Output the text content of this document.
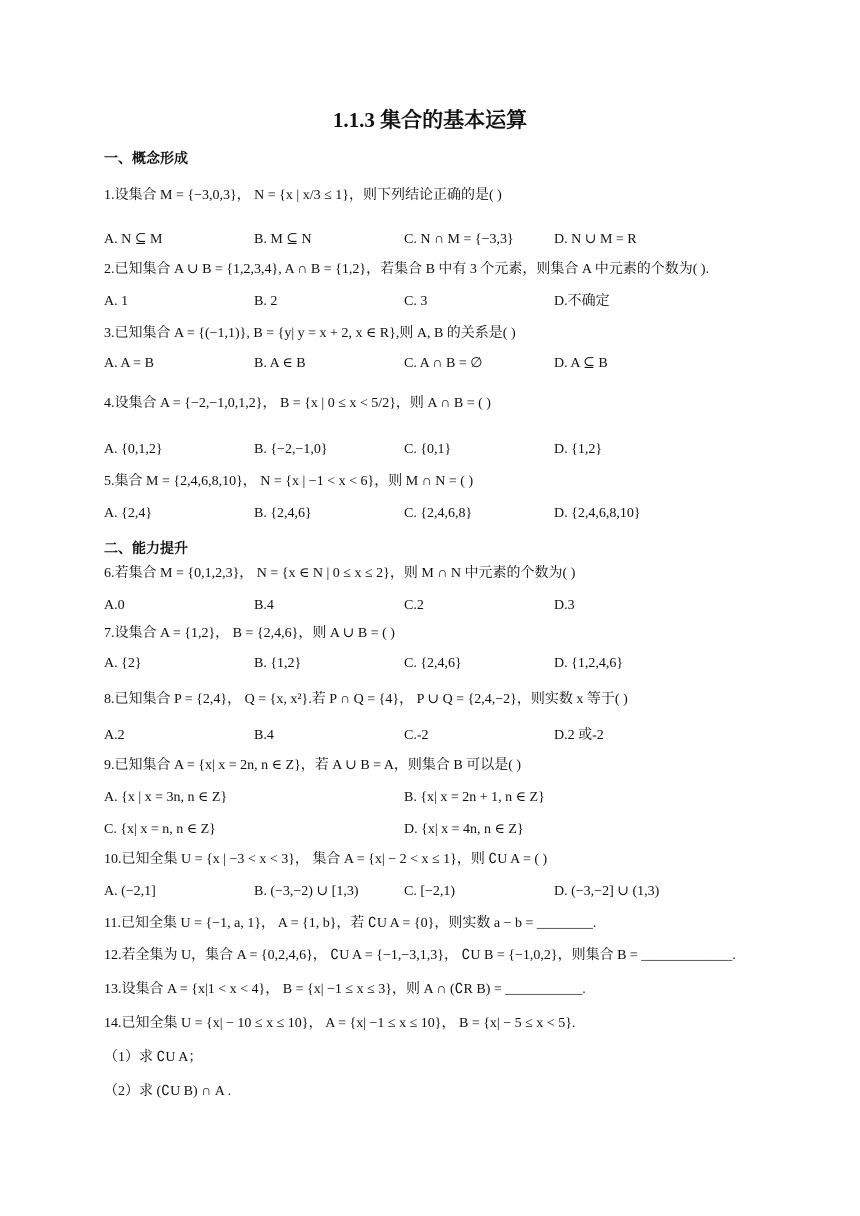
1.1.3 集合的基本运算
一、概念形成
1.设集合 M = {−3,0,3}， N = {x | x/3 ≤ 1}，则下列结论正确的是( )
A. N ⊆ M	B. M ⊆ N	C. N ∩ M = {−3,3}	D. N ∪ M = R
2.已知集合 A ∪ B = {1,2,3,4}, A ∩ B = {1,2}，若集合 B 中有 3 个元素，则集合 A 中元素的个数为( ).
A. 1	B. 2	C. 3	D.不确定
3.已知集合 A = {(−1,1)}, B = {y| y = x + 2, x ∈ R},则 A, B 的关系是( )
A. A = B	B. A ∈ B	C. A ∩ B = ∅	D. A ⊆ B
4.设集合 A = {−2,−1,0,1,2}， B = {x | 0 ≤ x < 5/2}，则 A ∩ B = ( )
A. {0,1,2}	B. {−2,−1,0}	C. {0,1}	D. {1,2}
5.集合 M = {2,4,6,8,10}， N = {x | −1 < x < 6}，则 M ∩ N = ( )
A. {2,4}	B. {2,4,6}	C. {2,4,6,8}	D. {2,4,6,8,10}
二、能力提升
6.若集合 M = {0,1,2,3}， N = {x ∈ N | 0 ≤ x ≤ 2}，则 M ∩ N 中元素的个数为( )
A.0	B.4	C.2	D.3
7.设集合 A = {1,2}， B = {2,4,6}，则 A ∪ B = ( )
A. {2}	B. {1,2}	C. {2,4,6}	D. {1,2,4,6}
8.已知集合 P = {2,4}， Q = {x, x²}.若 P ∩ Q = {4}， P ∪ Q = {2,4,−2}，则实数 x 等于( )
A.2	B.4	C.-2	D.2 或-2
9.已知集合 A = {x| x = 2n, n ∈ Z}，若 A ∪ B = A，则集合 B 可以是( )
A. {x | x = 3n, n ∈ Z}	B. {x| x = 2n + 1, n ∈ Z}
C. {x| x = n, n ∈ Z}	D. {x| x = 4n, n ∈ Z}
10.已知全集 U = {x | −3 < x < 3}， 集合 A = {x| − 2 < x ≤ 1}，则 ∁U A = ( )
A. (−2,1]	B. (−3,−2) ∪ [1,3)	C. [−2,1)	D. (−3,−2] ∪ (1,3)
11.已知全集 U = {−1, a, 1}， A = {1, b}，若 ∁U A = {0}，则实数 a − b = ________.
12.若全集为 U，集合 A = {0,2,4,6}， ∁U A = {−1,−3,1,3}， ∁U B = {−1,0,2}，则集合 B = _____________.
13.设集合 A = {x|1 < x < 4}， B = {x| −1 ≤ x ≤ 3}，则 A ∩ (∁R B) = ___________.
14.已知全集 U = {x| − 10 ≤ x ≤ 10}， A = {x| −1 ≤ x ≤ 10}， B = {x| − 5 ≤ x < 5}.
（1）求 ∁U A；
（2）求 (∁U B) ∩ A .
